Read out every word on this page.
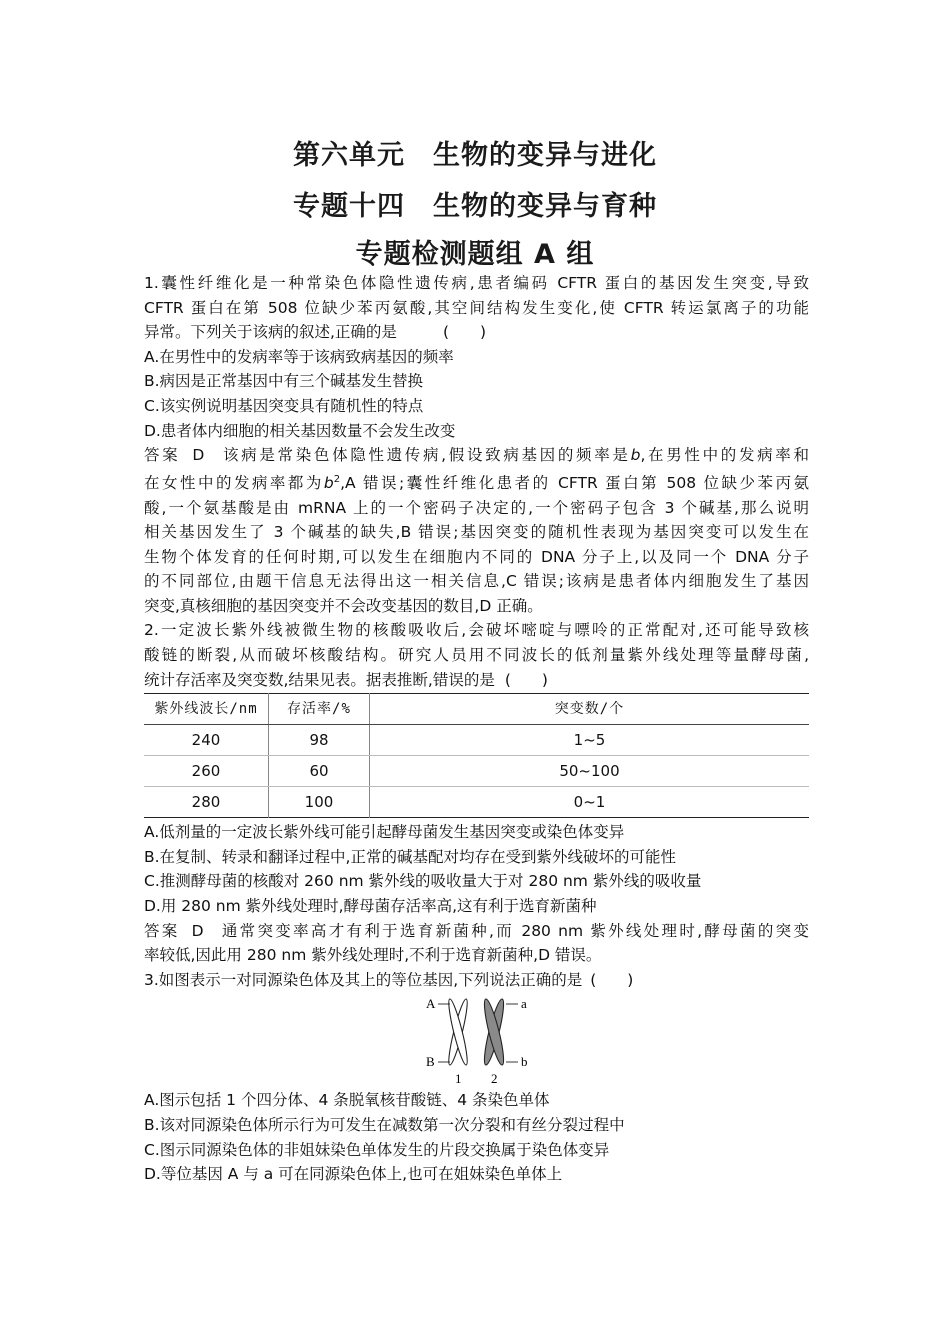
第六单元　生物的变异与进化
专题十四　生物的变异与育种
专题检测题组 A 组

1.囊性纤维化是一种常染色体隐性遗传病,患者编码 CFTR 蛋白的基因发生突变,导致

CFTR 蛋白在第 508 位缺少苯丙氨酸,其空间结构发生变化,使 CFTR 转运氯离子的功能

异常。下列关于该病的叙述,正确的是	(　　)

A.在男性中的发病率等于该病致病基因的频率

B.病因是正常基因中有三个碱基发生替换

C.该实例说明基因突变具有随机性的特点

D.患者体内细胞的相关基因数量不会发生改变

答案 D 该病是常染色体隐性遗传病,假设致病基因的频率是b,在男性中的发病率和

在女性中的发病率都为$b^2,A$ 错误;囊性纤维化患者的 CFTR 蛋白第 508 位缺少苯丙氨

酸,一个氨基酸是由 mRNA 上的一个密码子决定的,一个密码子包含 3 个碱基,那么说明

相关基因发生了 3 个碱基的缺失,B 错误;基因突变的随机性表现为基因突变可以发生在

生物个体发育的任何时期,可以发生在细胞内不同的 DNA 分子上,以及同一个 DNA 分子

的不同部位,由题干信息无法得出这一相关信息,C 错误;该病是患者体内细胞发生了基因

突变,真核细胞的基因突变并不会改变基因的数目,D 正确。

2.一定波长紫外线被微生物的核酸吸收后,会破坏嘧啶与嘌呤的正常配对,还可能导致核

酸链的断裂,从而破坏核酸结构。研究人员用不同波长的低剂量紫外线处理等量酵母菌,

统计存活率及突变数,结果见表。据表推断,错误的是 (　　)

紫外线波长/nm	存活率/%	突变数/个
240	98	1~5
260	60	50~100
280	100	0~1

A.低剂量的一定波长紫外线可能引起酵母菌发生基因突变或染色体变异

B.在复制、转录和翻译过程中,正常的碱基配对均存在受到紫外线破坏的可能性

C.推测酵母菌的核酸对 260 nm 紫外线的吸收量大于对 280 nm 紫外线的吸收量

D.用 280 nm 紫外线处理时,酵母菌存活率高,这有利于选育新菌种

答案 D 通常突变率高才有利于选育新菌种,而 280 nm 紫外线处理时,酵母菌的突变

率较低,因此用 280 nm 紫外线处理时,不利于选育新菌种,D 错误。

3.如图表示一对同源染色体及其上的等位基因,下列说法正确的是 (　　)

A	a
B	b
1 2

A.图示包括 1 个四分体、4 条脱氧核苷酸链、4 条染色单体

B.该对同源染色体所示行为可发生在减数第一次分裂和有丝分裂过程中

C.图示同源染色体的非姐妹染色单体发生的片段交换属于染色体变异

D.等位基因 A 与 a 可在同源染色体上,也可在姐妹染色单体上
